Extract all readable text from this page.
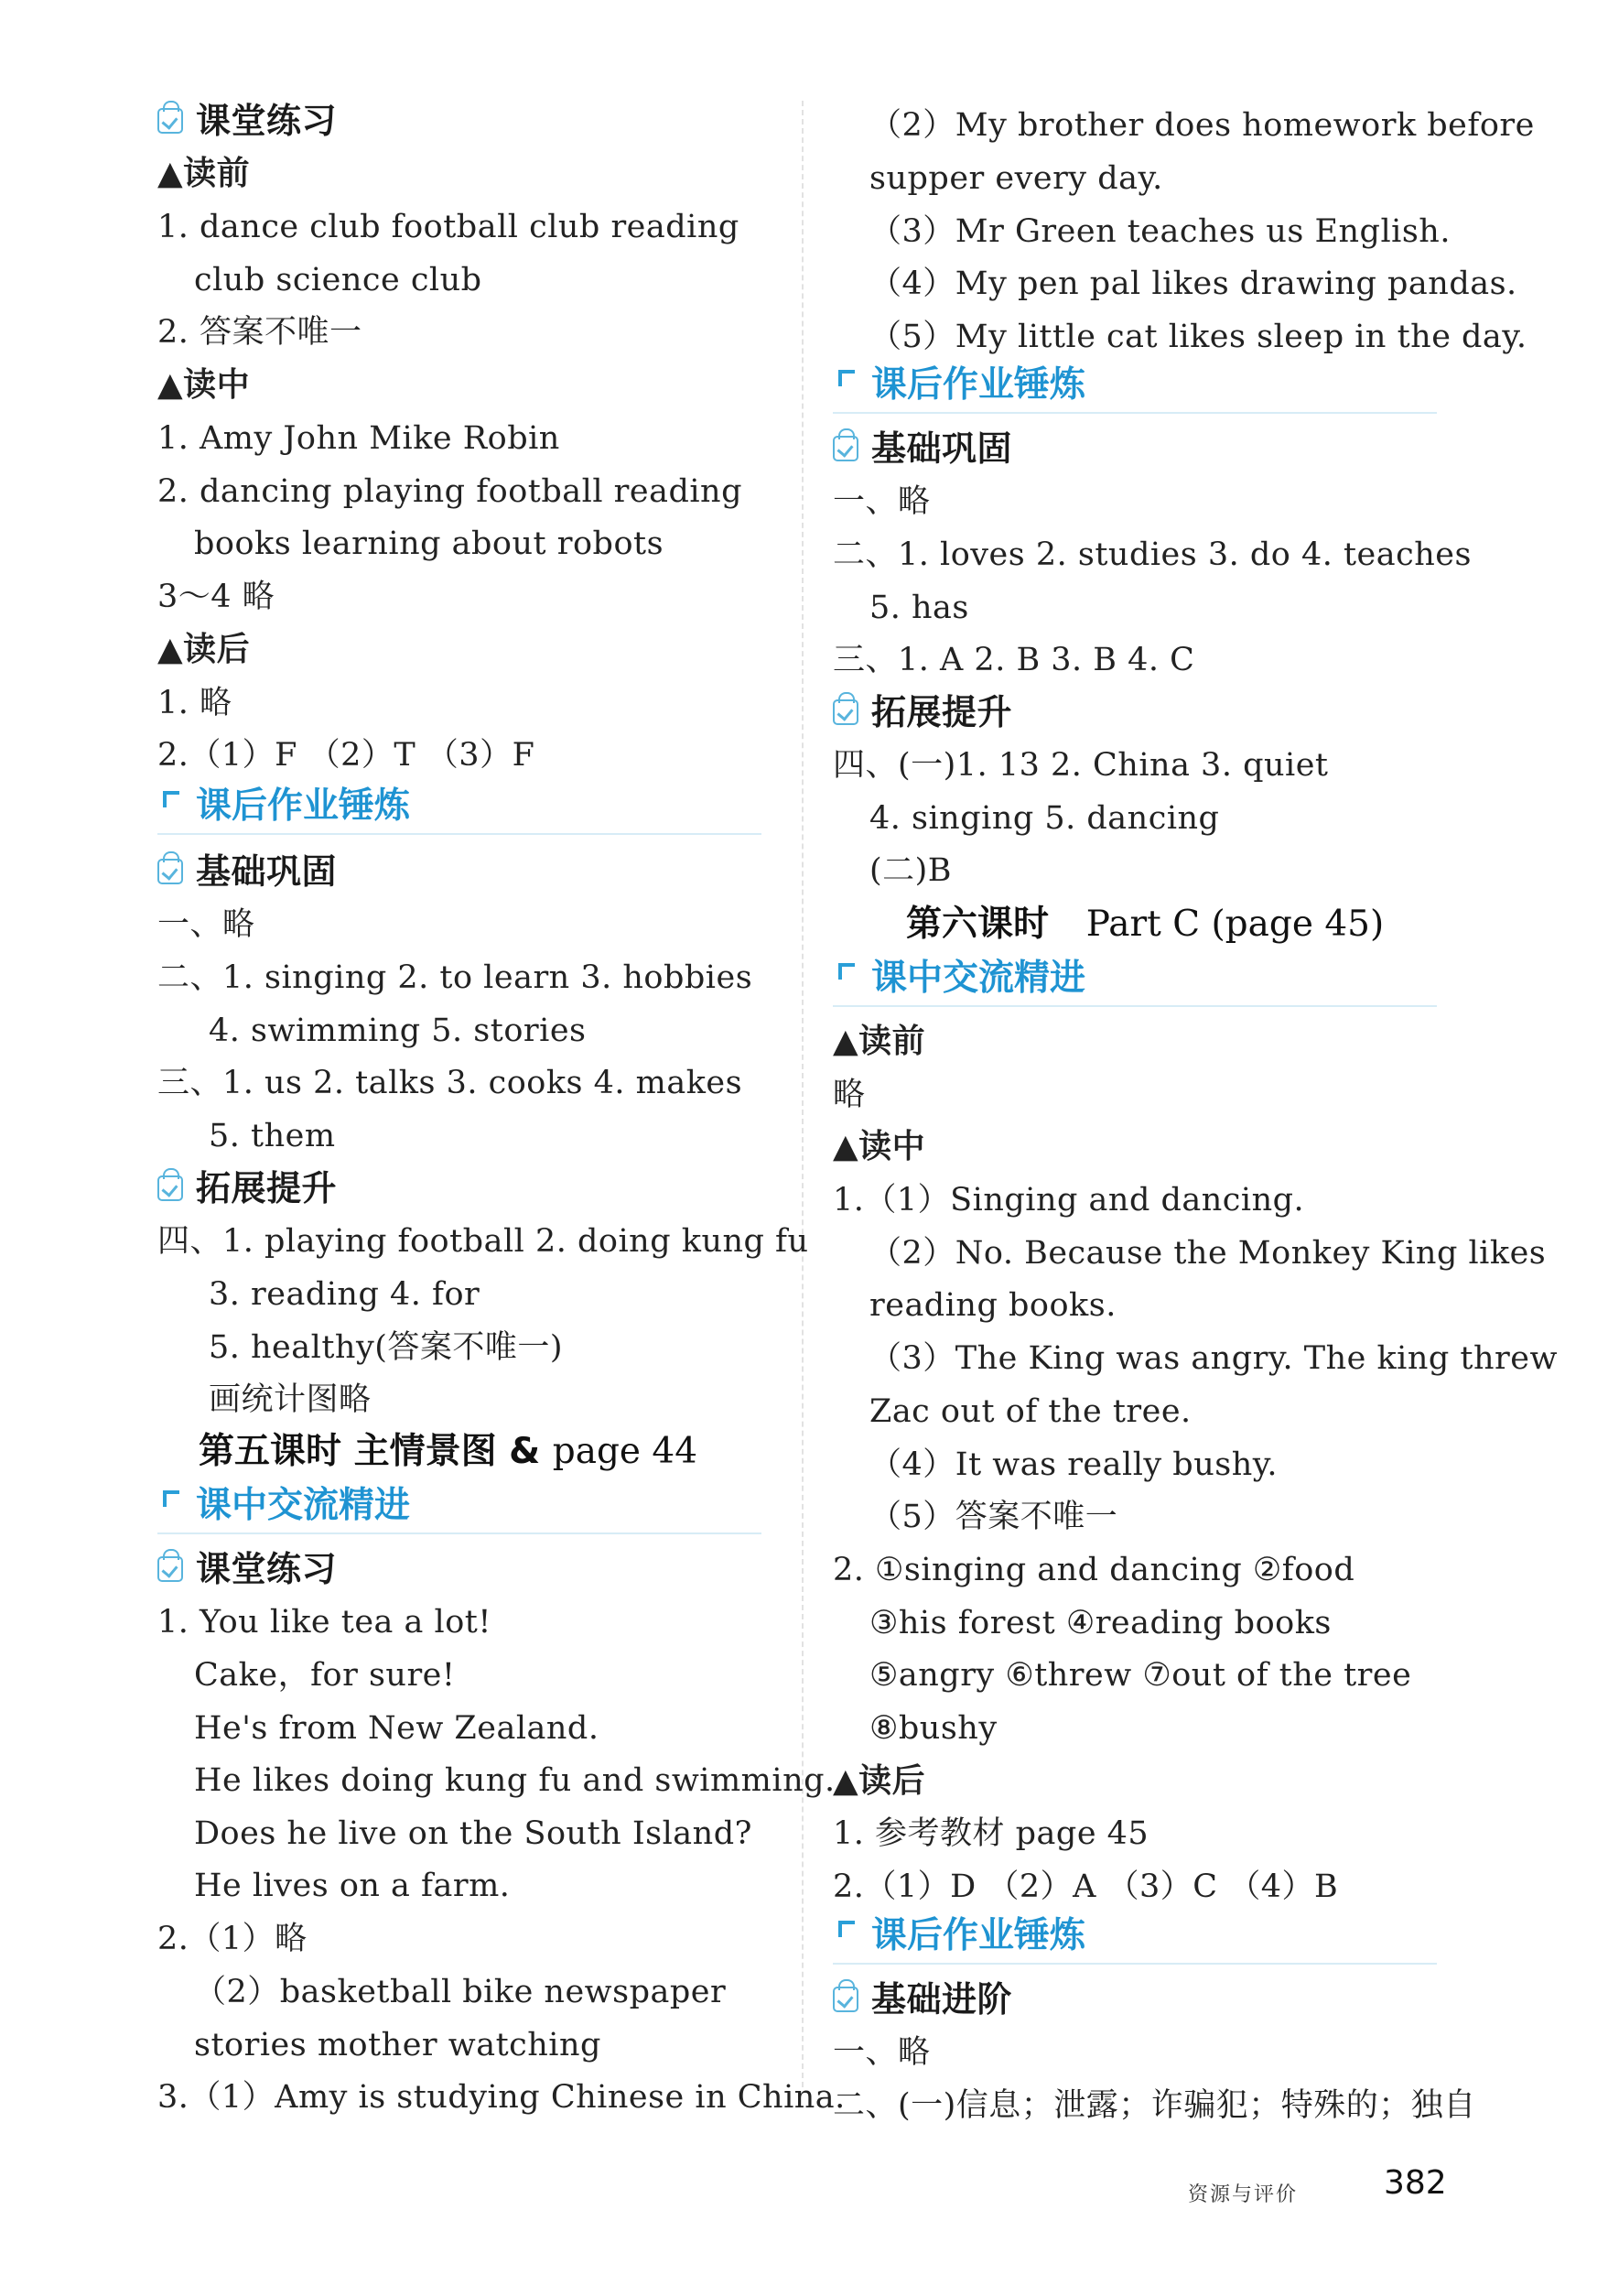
课堂练习
▲读前
1. dance club football club reading
club science club
2. 答案不唯一
▲读中
1. Amy John Mike Robin
2. dancing playing football reading
books learning about robots
3～4 略
▲读后
1. 略
2.（1）F （2）T （3）F
课后作业锤炼
基础巩固
一、略
二、1. singing 2. to learn 3. hobbies
4. swimming 5. stories
三、1. us 2. talks 3. cooks 4. makes
5. them
拓展提升
四、1. playing football 2. doing kung fu
3. reading 4. for
5. healthy(答案不唯一)
画统计图略
第五课时 主情景图 & page 44
课中交流精进
课堂练习
1. You like tea a lot!
Cake，for sure!
He's from New Zealand.
He likes doing kung fu and swimming.
Does he live on the South Island?
He lives on a farm.
2.（1）略
（2）basketball bike newspaper
stories mother watching
3.（1）Amy is studying Chinese in China.
（2）My brother does homework before
supper every day.
（3）Mr Green teaches us English.
（4）My pen pal likes drawing pandas.
（5）My little cat likes sleep in the day.
课后作业锤炼
基础巩固
一、略
二、1. loves 2. studies 3. do 4. teaches
5. has
三、1. A 2. B 3. B 4. C
拓展提升
四、(一)1. 13 2. China 3. quiet
4. singing 5. dancing
(二)B
第六课时 Part C (page 45)
课中交流精进
▲读前
略
▲读中
1.（1）Singing and dancing.
（2）No. Because the Monkey King likes
reading books.
（3）The King was angry. The king threw
Zac out of the tree.
（4）It was really bushy.
（5）答案不唯一
2. ①singing and dancing ②food
③his forest ④reading books
⑤angry ⑥threw ⑦out of the tree
⑧bushy
▲读后
1. 参考教材 page 45
2.（1）D （2）A （3）C （4）B
课后作业锤炼
基础进阶
一、略
二、(一)信息；泄露；诈骗犯；特殊的；独自
资源与评价	382
